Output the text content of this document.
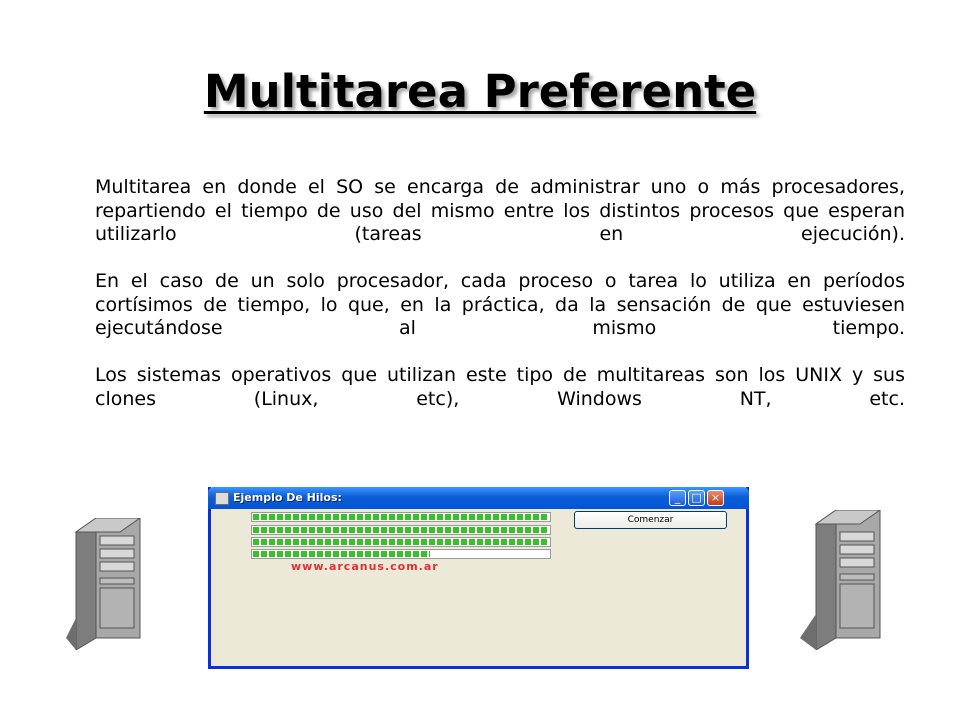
Multitarea Preferente

Multitarea en donde el SO se encarga de administrar uno o más procesadores, repartiendo el tiempo de uso del mismo entre los distintos procesos que esperan utilizarlo (tareas en ejecución).

En el caso de un solo procesador, cada proceso o tarea lo utiliza en períodos cortísimos de tiempo, lo que, en la práctica, da la sensación de que estuviesen ejecutándose al mismo tiempo.

Los sistemas operativos que utilizan este tipo de multitareas son los UNIX y sus clones (Linux, etc), Windows NT, etc.

Ejemplo De Hilos:	_	□ ×
Comenzar
www.arcanus.com.ar
